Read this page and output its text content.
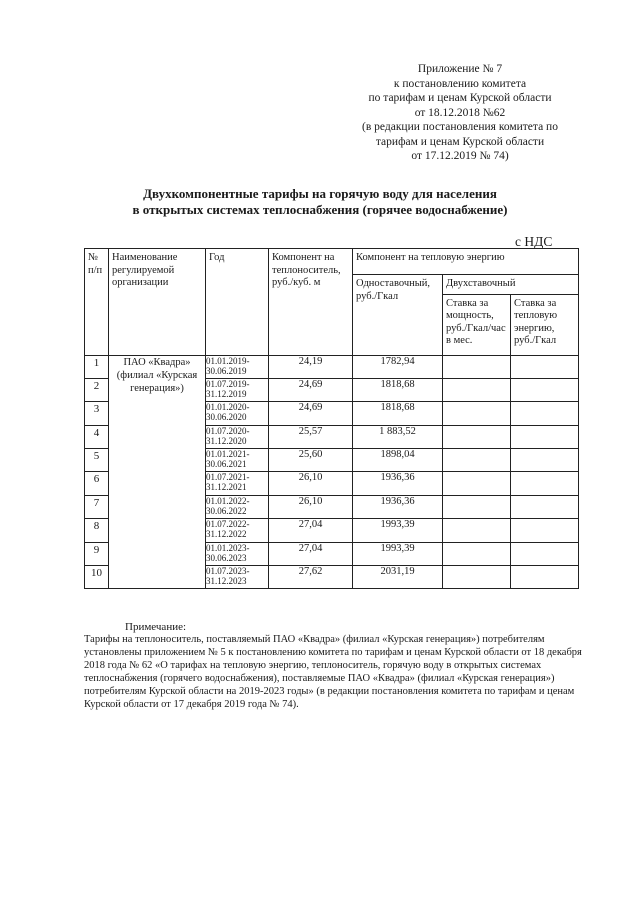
Приложение № 7
к постановлению комитета
по тарифам и ценам Курской области
от 18.12.2018 №62
(в редакции постановления комитета по
тарифам и ценам Курской области
от 17.12.2019 № 74)
Двухкомпонентные тарифы на горячую воду для населения
в открытых системах теплоснабжения (горячее водоснабжение)
с НДС
№ п/п	Наименование регулируемой организации	Год	Компонент на теплоноситель, руб./куб. м	Компонент на тепловую энергию		
				Одноставочный, руб./Гкал	Двухставочный	
					Ставка за мощность, руб./Гкал/час в мес.	Ставка за тепловую энергию, руб./Гкал
1	ПАО «Квадра» (филиал «Курская генерация»)	01.01.2019-
30.06.2019	24,19	1782,94		
2		01.07.2019-
31.12.2019	24,69	1818,68		
3		01.01.2020-
30.06.2020	24,69	1818,68		
4		01.07.2020-
31.12.2020	25,57	1 883,52		
5		01.01.2021-
30.06.2021	25,60	1898,04		
6		01.07.2021-
31.12.2021	26,10	1936,36		
7		01.01.2022-
30.06.2022	26,10	1936,36		
8		01.07.2022-
31.12.2022	27,04	1993,39		
9		01.01.2023-
30.06.2023	27,04	1993,39		
10		01.07.2023-
31.12.2023	27,62	2031,19		
Примечание:
Тарифы на теплоноситель, поставляемый ПАО «Квадра» (филиал «Курская генерация») потребителям установлены приложением № 5 к постановлению комитета по тарифам и ценам Курской области от 18 декабря 2018 года № 62 «О тарифах на тепловую энергию, теплоноситель, горячую воду в открытых системах теплоснабжения (горячего водоснабжения), поставляемые ПАО «Квадра» (филиал «Курская генерация») потребителям Курской области на 2019-2023 годы» (в редакции постановления комитета по тарифам и ценам Курской области от 17 декабря 2019 года № 74).
